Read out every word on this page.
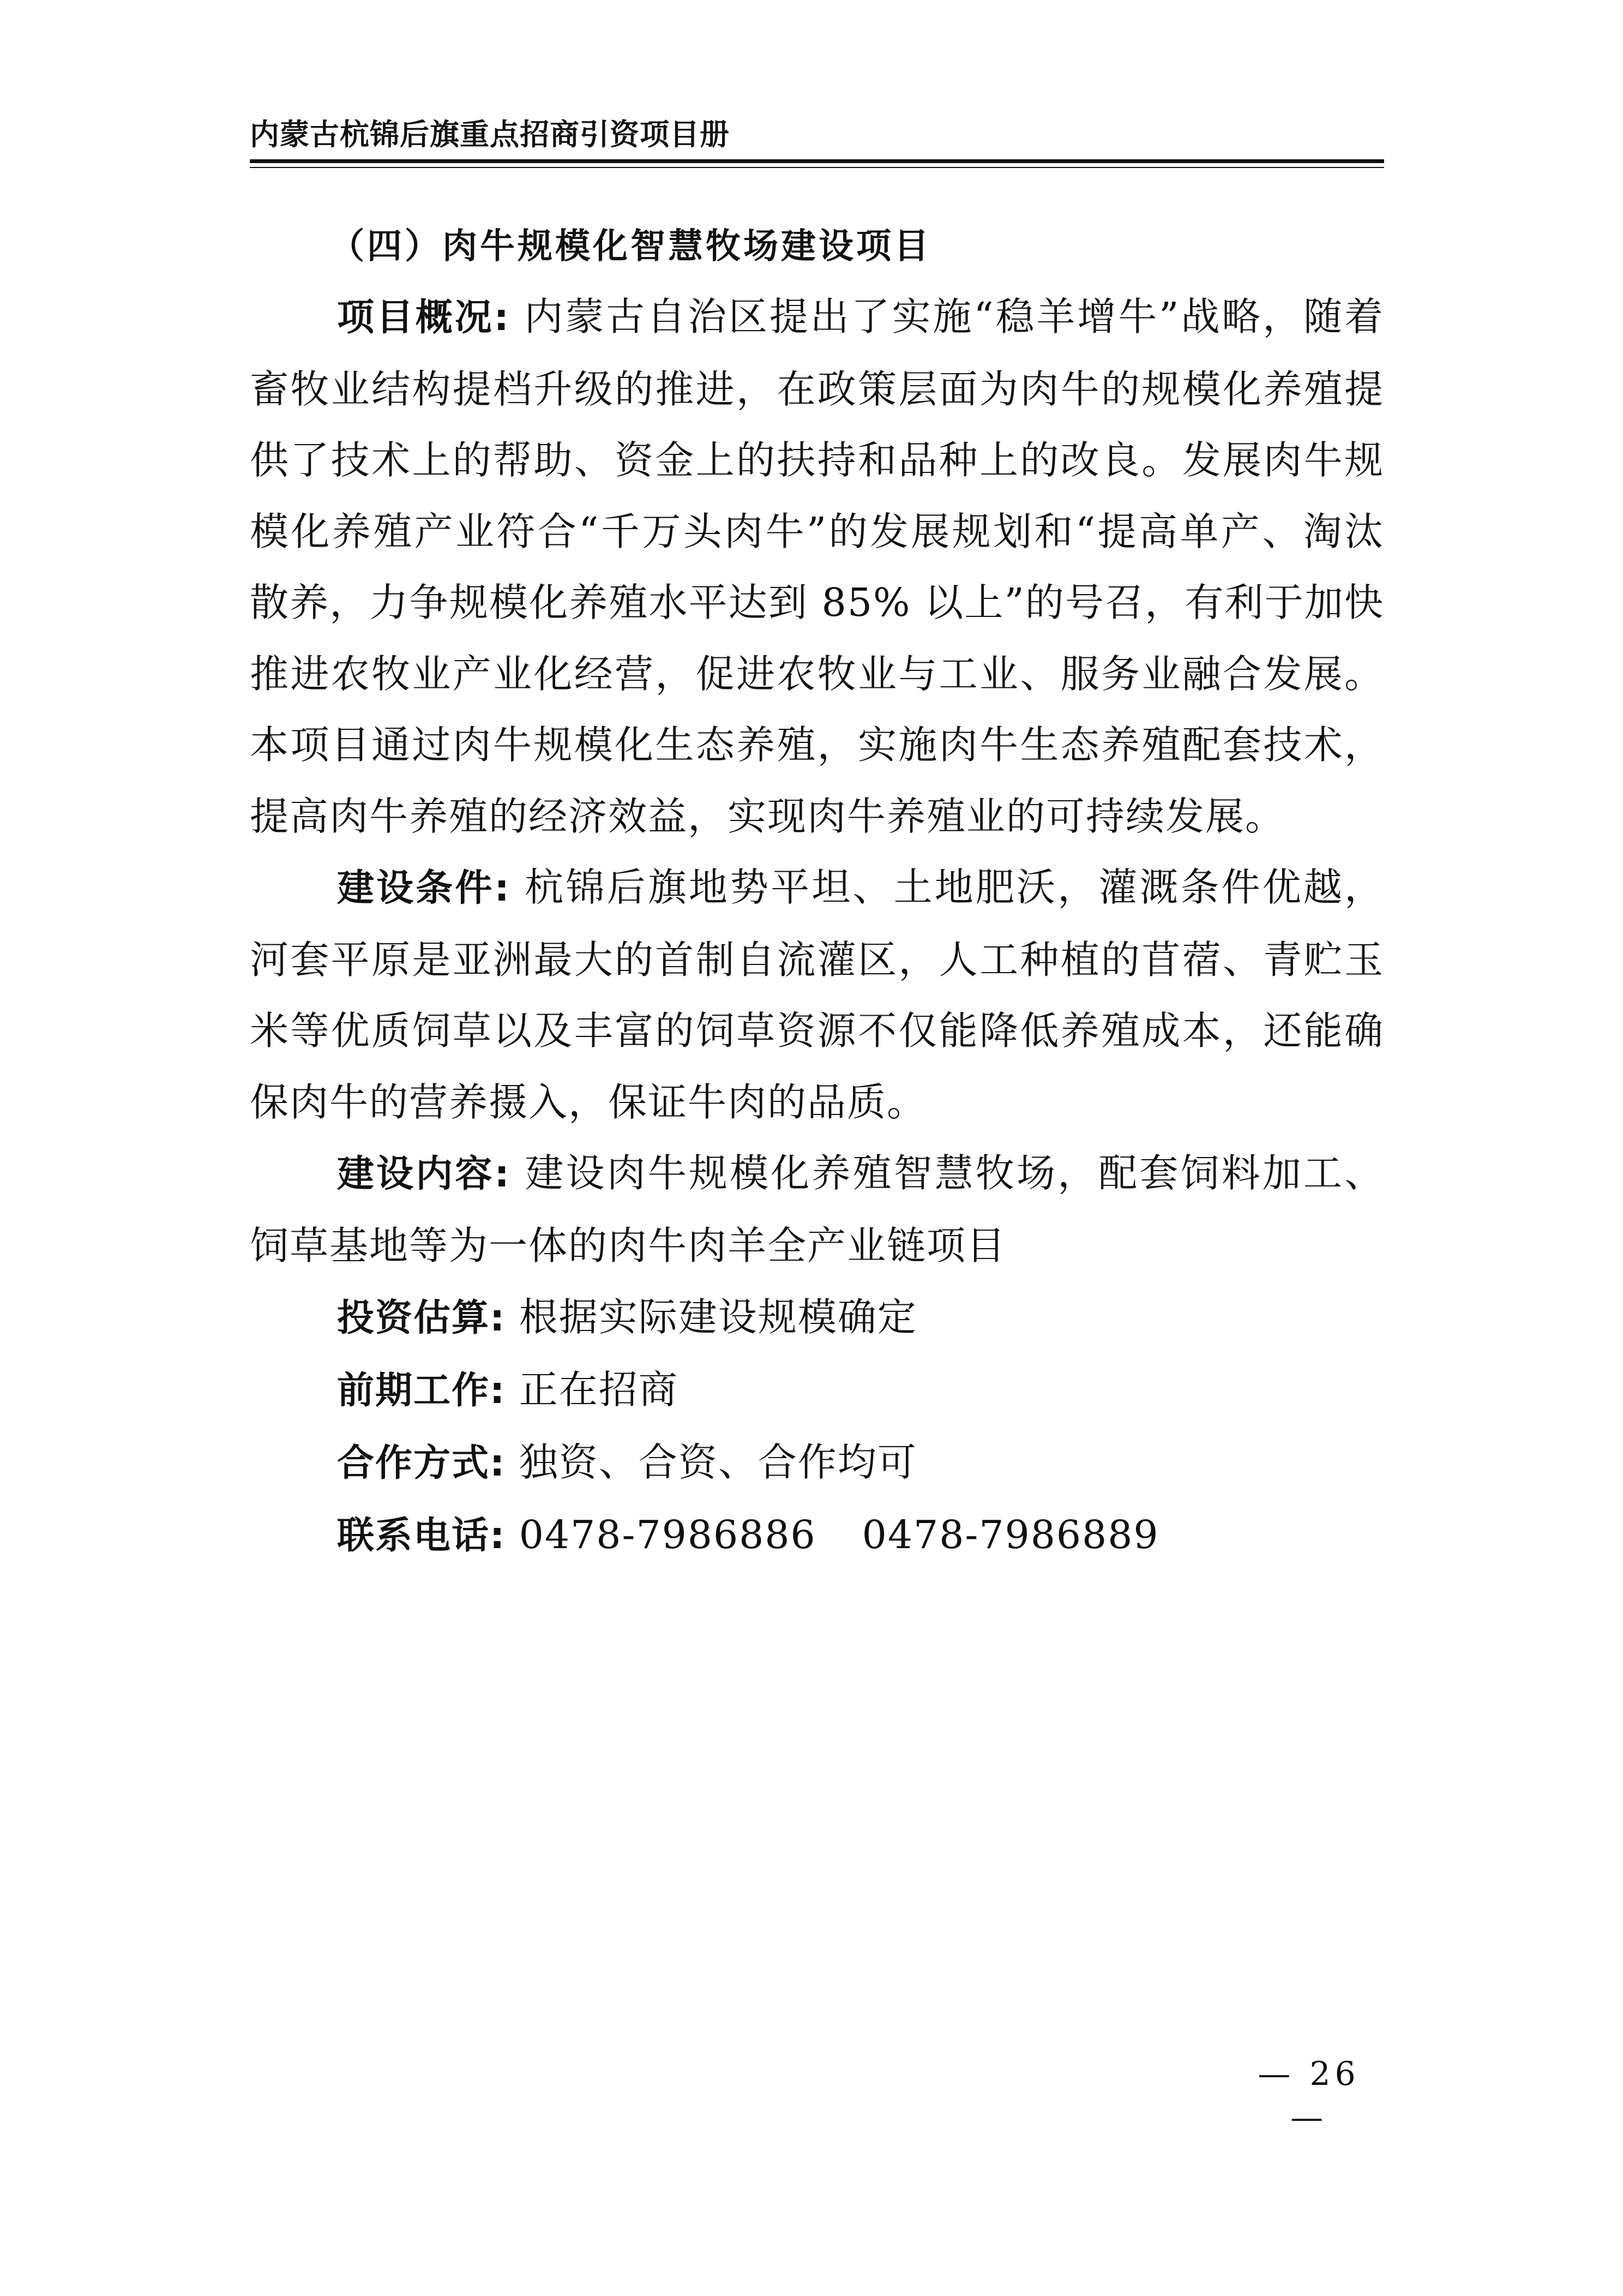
内蒙古杭锦后旗重点招商引资项目册

（四）肉牛规模化智慧牧场建设项目

项目概况: 内蒙古自治区提出了实施“稳羊增牛”战略，随着畜牧业结构提档升级的推进，在政策层面为肉牛的规模化养殖提供了技术上的帮助、资金上的扶持和品种上的改良。发展肉牛规模化养殖产业符合“千万头肉牛”的发展规划和“提高单产、淘汰散养，力争规模化养殖水平达到 85% 以上”的号召，有利于加快推进农牧业产业化经营，促进农牧业与工业、服务业融合发展。本项目通过肉牛规模化生态养殖，实施肉牛生态养殖配套技术，提高肉牛养殖的经济效益，实现肉牛养殖业的可持续发展。

建设条件: 杭锦后旗地势平坦、土地肥沃，灌溉条件优越，河套平原是亚洲最大的首制自流灌区，人工种植的苜蓿、青贮玉米等优质饲草以及丰富的饲草资源不仅能降低养殖成本，还能确保肉牛的营养摄入，保证牛肉的品质。

建设内容: 建设肉牛规模化养殖智慧牧场，配套饲料加工、饲草基地等为一体的肉牛肉羊全产业链项目

投资估算: 根据实际建设规模确定

前期工作: 正在招商

合作方式: 独资、合资、合作均可

联系电话: 0478-7986886 0478-7986889

— 26 —
